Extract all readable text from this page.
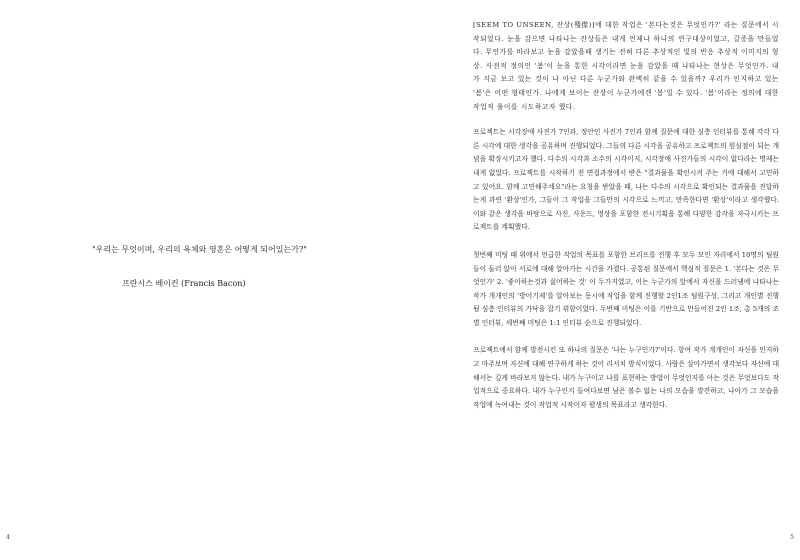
"우리는 무엇이며, 우리의 욕체와 영혼은 어떻게 되어있는가?"
프란시스 베이컨 (Francis Bacon)
4

[SEEM TO UNSEEN, 잔상(殘像)]에 대한 작업은 '본다는것은 무엇인가?' 라는 질문에서 시작되었다. 눈을 감으면 나타나는 잔상들은 내게 언제나 하나의 연구대상이었고, 갈증을 만들었다. 무언가를 바라보고 눈을 감았을때 생기는 전혀 다른 추상적인 빛의 반응 추상적 이미지의 형상. 사전적 정의인 '봄'이 눈을 통한 시각이라면 눈을 감았을 때 나타나는 현상은 무엇인가. 내가 지금 보고 있는 것이 나 아닌 다른 누군가와 완벽히 같을 수 있을까? 우리가 인지하고 있는 '봄'은 어떤 형태인가. 나에게 보이는 잔상이 누군가에겐 '봄'일 수 있다. '봄'이라는 정의에 대한 작업적 풀이를 시도하고자 했다.

프로젝트는 시각장애 사진가 7인과, 정안인 사진가 7인과 함께 질문에 대한 심층 인터뷰를 통해 각각 다른 시각에 대한 생각을 공유하며 진행되었다. 그들의 다른 시각을 공유하고 프로젝트의 원심점이 되는 개념을 확장시키고자 했다. 다수의 시각과 소수의 시각이지, 시각장애 사진가들의 시각이 없다라는 명제는 내게 없었다. 프로젝트를 시작하기 전 면접과정에서 받은 "결과물을 확인시켜 주는 거에 대해서 고민하고 있어요. 함께 고민해주세요"라는 요청을 받았을 때, 나는 다수의 시각으로 확인되는 결과물을 전달하는게 과연 '환상'인가, 그들이 그 작업을 그들만의 시각으로 느끼고, 만족한다면 '환상'이라고 생각했다. 이와 같은 생각을 바탕으로 사진, 사운드, 영상을 포함한 전시기획을 통해 다양한 감각을 자극시키는 프로젝트를 계획했다.

첫번째 미팅 때 위에서 언급한 작업의 목표를 포함한 브리프를 진행 후 모두 모인 자리에서 10명의 팀원들이 둘러 앉아 서로에 대해 알아가는 시간을 가졌다. 공통된 질문에서 핵심적 질문은 1. '본다는 것은 무엇인가' 2. '좋아하는것과 싫어하는 것' 이 두가지였고, 이는 누군가의 앞에서 자신을 드러냄에 나타나는 작가 개개인의 '방어기제'를 알아보는 동시에 작업을 함께 진행할 2인1조 팀원구성, 그리고 개인별 진행될 심층 인터뷰의 가닥을 잡기 위함이었다. 두번째 미팅은 이를 기반으로 만들어진 2인 1조, 총 5개의 조별 인터뷰, 세번째 미팅은 1:1 인터뷰 순으로 진행되었다.

프로젝트에서 함께 발전시킨 또 하나의 질문은 '나는 누구인가?'이다. 항여 작가 개개인이 자신을 인지하고 마주보며 자신에 대해 연구하게 하는 것이 리서치 방식이었다. 사람은 살아가면서 생각보다 자신에 대해서는 깊게 바라보지 않는다. 내가 누구이고 나를 표현하는 방법이 무엇인지를 아는 것은 무엇보다도 작업적으로 중요하다. 내가 누구인지 들여다보면 남은 볼수 없는 나의 모습을 발견하고, 나아가 그 모습을 작업에 녹여내는 것이 작업적 시작이자 평생의 목표라고 생각한다.

5
